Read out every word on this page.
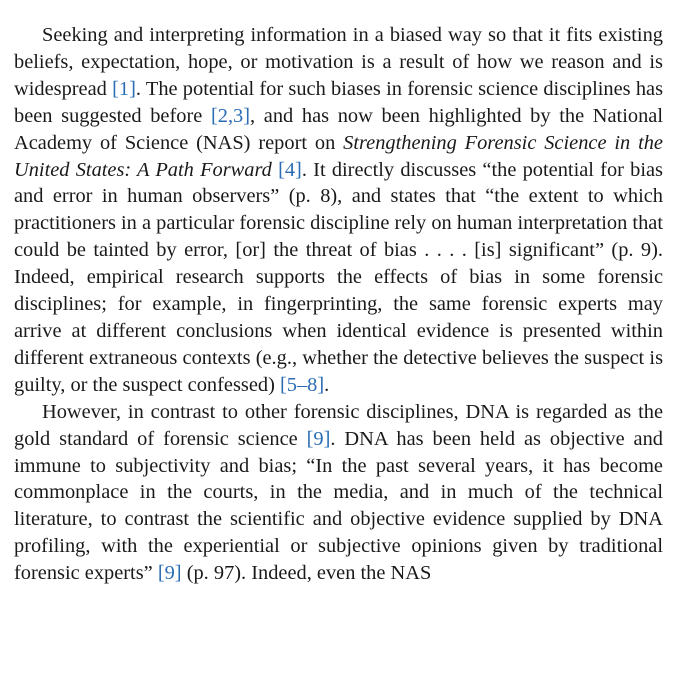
Seeking and interpreting information in a biased way so that it fits existing beliefs, expectation, hope, or motivation is a result of how we reason and is widespread [1]. The potential for such biases in forensic science disciplines has been suggested before [2,3], and has now been highlighted by the National Academy of Science (NAS) report on Strengthening Forensic Science in the United States: A Path Forward [4]. It directly discusses “the potential for bias and error in human observers” (p. 8), and states that “the extent to which practitioners in a particular forensic discipline rely on human interpretation that could be tainted by error, [or] the threat of bias . . . . [is] significant” (p. 9). Indeed, empirical research supports the effects of bias in some forensic disciplines; for example, in fingerprinting, the same forensic experts may arrive at different conclusions when identical evidence is presented within different extraneous contexts (e.g., whether the detective believes the suspect is guilty, or the suspect confessed) [5–8].

However, in contrast to other forensic disciplines, DNA is regarded as the gold standard of forensic science [9]. DNA has been held as objective and immune to subjectivity and bias; “In the past several years, it has become commonplace in the courts, in the media, and in much of the technical literature, to contrast the scientific and objective evidence supplied by DNA profiling, with the experiential or subjective opinions given by traditional forensic experts” [9] (p. 97). Indeed, even the NAS
